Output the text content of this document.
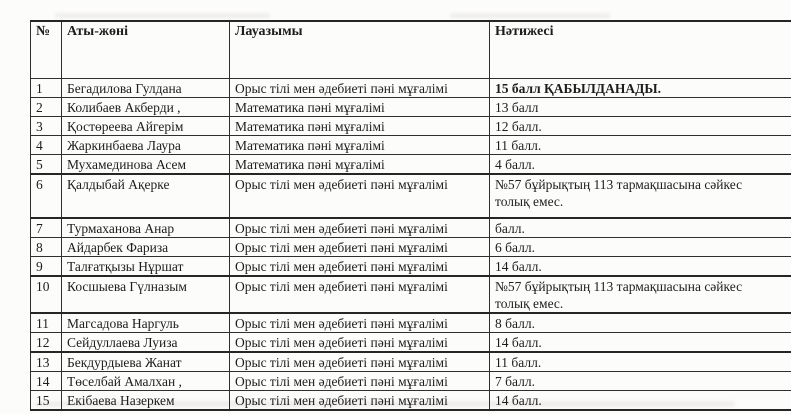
№	Аты-жөні	Лауазымы	Нәтижесі
1	Бегадилова Гулдана	Орыс тілі мен әдебиеті пәні мұғалімі	15 балл ҚАБЫЛДАНАДЫ.
2	Колибаев Акберди ,	Математика пәні мұғалімі	13 балл
3	Қостөреева Айгерім	Математика пәні мұғалімі	12 балл.
4	Жаркинбаева Лаура	Математика пәні мұғалімі	11 балл.
5	Мухамединова Асем	Математика пәні мұғалімі	4 балл.
6	Қалдыбай Ақерке	Орыс тілі мен әдебиеті пәні мұғалімі	№57 бұйрықтың 113 тармақшасына сәйкес
толық емес.

7	Турмаханова Анар	Орыс тілі мен әдебиеті пәні мұғалімі	балл.
8	Айдарбек Фариза	Орыс тілі мен әдебиеті пәні мұғалімі	6 балл.
9	Талғатқызы Нұршат	Орыс тілі мен әдебиеті пәні мұғалімі	14 балл.
10	Косшыева Гүлназым	Орыс тілі мен әдебиеті пәні мұғалімі	№57 бұйрықтың 113 тармақшасына сәйкес
толық емес.

11	Магсадова Наргуль	Орыс тілі мен әдебиеті пәні мұғалімі	8 балл.
12	Сейдуллаева Луиза	Орыс тілі мен әдебиеті пәні мұғалімі	14 балл.
13	Бекдурдыева Жанат	Орыс тілі мен әдебиеті пәні мұғалімі	11 балл.
14	Төселбай Амалхан ,	Орыс тілі мен әдебиеті пәні мұғалімі	7 балл.
15	Екібаева Назеркем	Орыс тілі мен әдебиеті пәні мұғалімі	14 балл.
